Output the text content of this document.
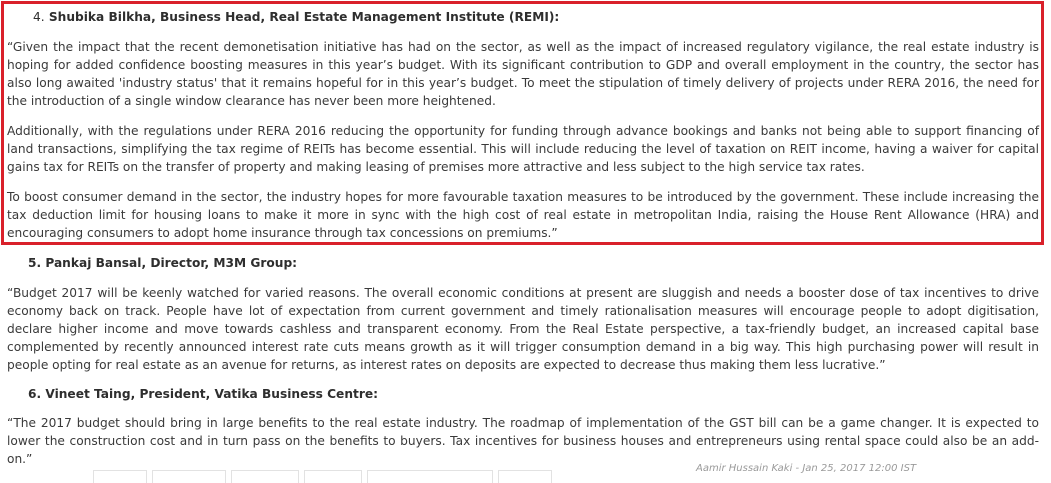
4. Shubika Bilkha, Business Head, Real Estate Management Institute (REMI):

“Given the impact that the recent demonetisation initiative has had on the sector, as well as the impact of increased regulatory vigilance, the real estate industry is hoping for added confidence boosting measures in this year’s budget. With its significant contribution to GDP and overall employment in the country, the sector has also long awaited 'industry status' that it remains hopeful for in this year’s budget. To meet the stipulation of timely delivery of projects under RERA 2016, the need for the introduction of a single window clearance has never been more heightened.

Additionally, with the regulations under RERA 2016 reducing the opportunity for funding through advance bookings and banks not being able to support financing of land transactions, simplifying the tax regime of REITs has become essential. This will include reducing the level of taxation on REIT income, having a waiver for capital gains tax for REITs on the transfer of property and making leasing of premises more attractive and less subject to the high service tax rates.

To boost consumer demand in the sector, the industry hopes for more favourable taxation measures to be introduced by the government. These include increasing the tax deduction limit for housing loans to make it more in sync with the high cost of real estate in metropolitan India, raising the House Rent Allowance (HRA) and encouraging consumers to adopt home insurance through tax concessions on premiums.”

5. Pankaj Bansal, Director, M3M Group:

“Budget 2017 will be keenly watched for varied reasons. The overall economic conditions at present are sluggish and needs a booster dose of tax incentives to drive economy back on track. People have lot of expectation from current government and timely rationalisation measures will encourage people to adopt digitisation, declare higher income and move towards cashless and transparent economy. From the Real Estate perspective, a tax-friendly budget, an increased capital base complemented by recently announced interest rate cuts means growth as it will trigger consumption demand in a big way. This high purchasing power will result in people opting for real estate as an avenue for returns, as interest rates on deposits are expected to decrease thus making them less lucrative.”

6. Vineet Taing, President, Vatika Business Centre:

“The 2017 budget should bring in large benefits to the real estate industry. The roadmap of implementation of the GST bill can be a game changer. It is expected to lower the construction cost and in turn pass on the benefits to buyers. Tax incentives for business houses and entrepreneurs using rental space could also be an add-on.”

Aamir Hussain Kaki - Jan 25, 2017 12:00 IST
